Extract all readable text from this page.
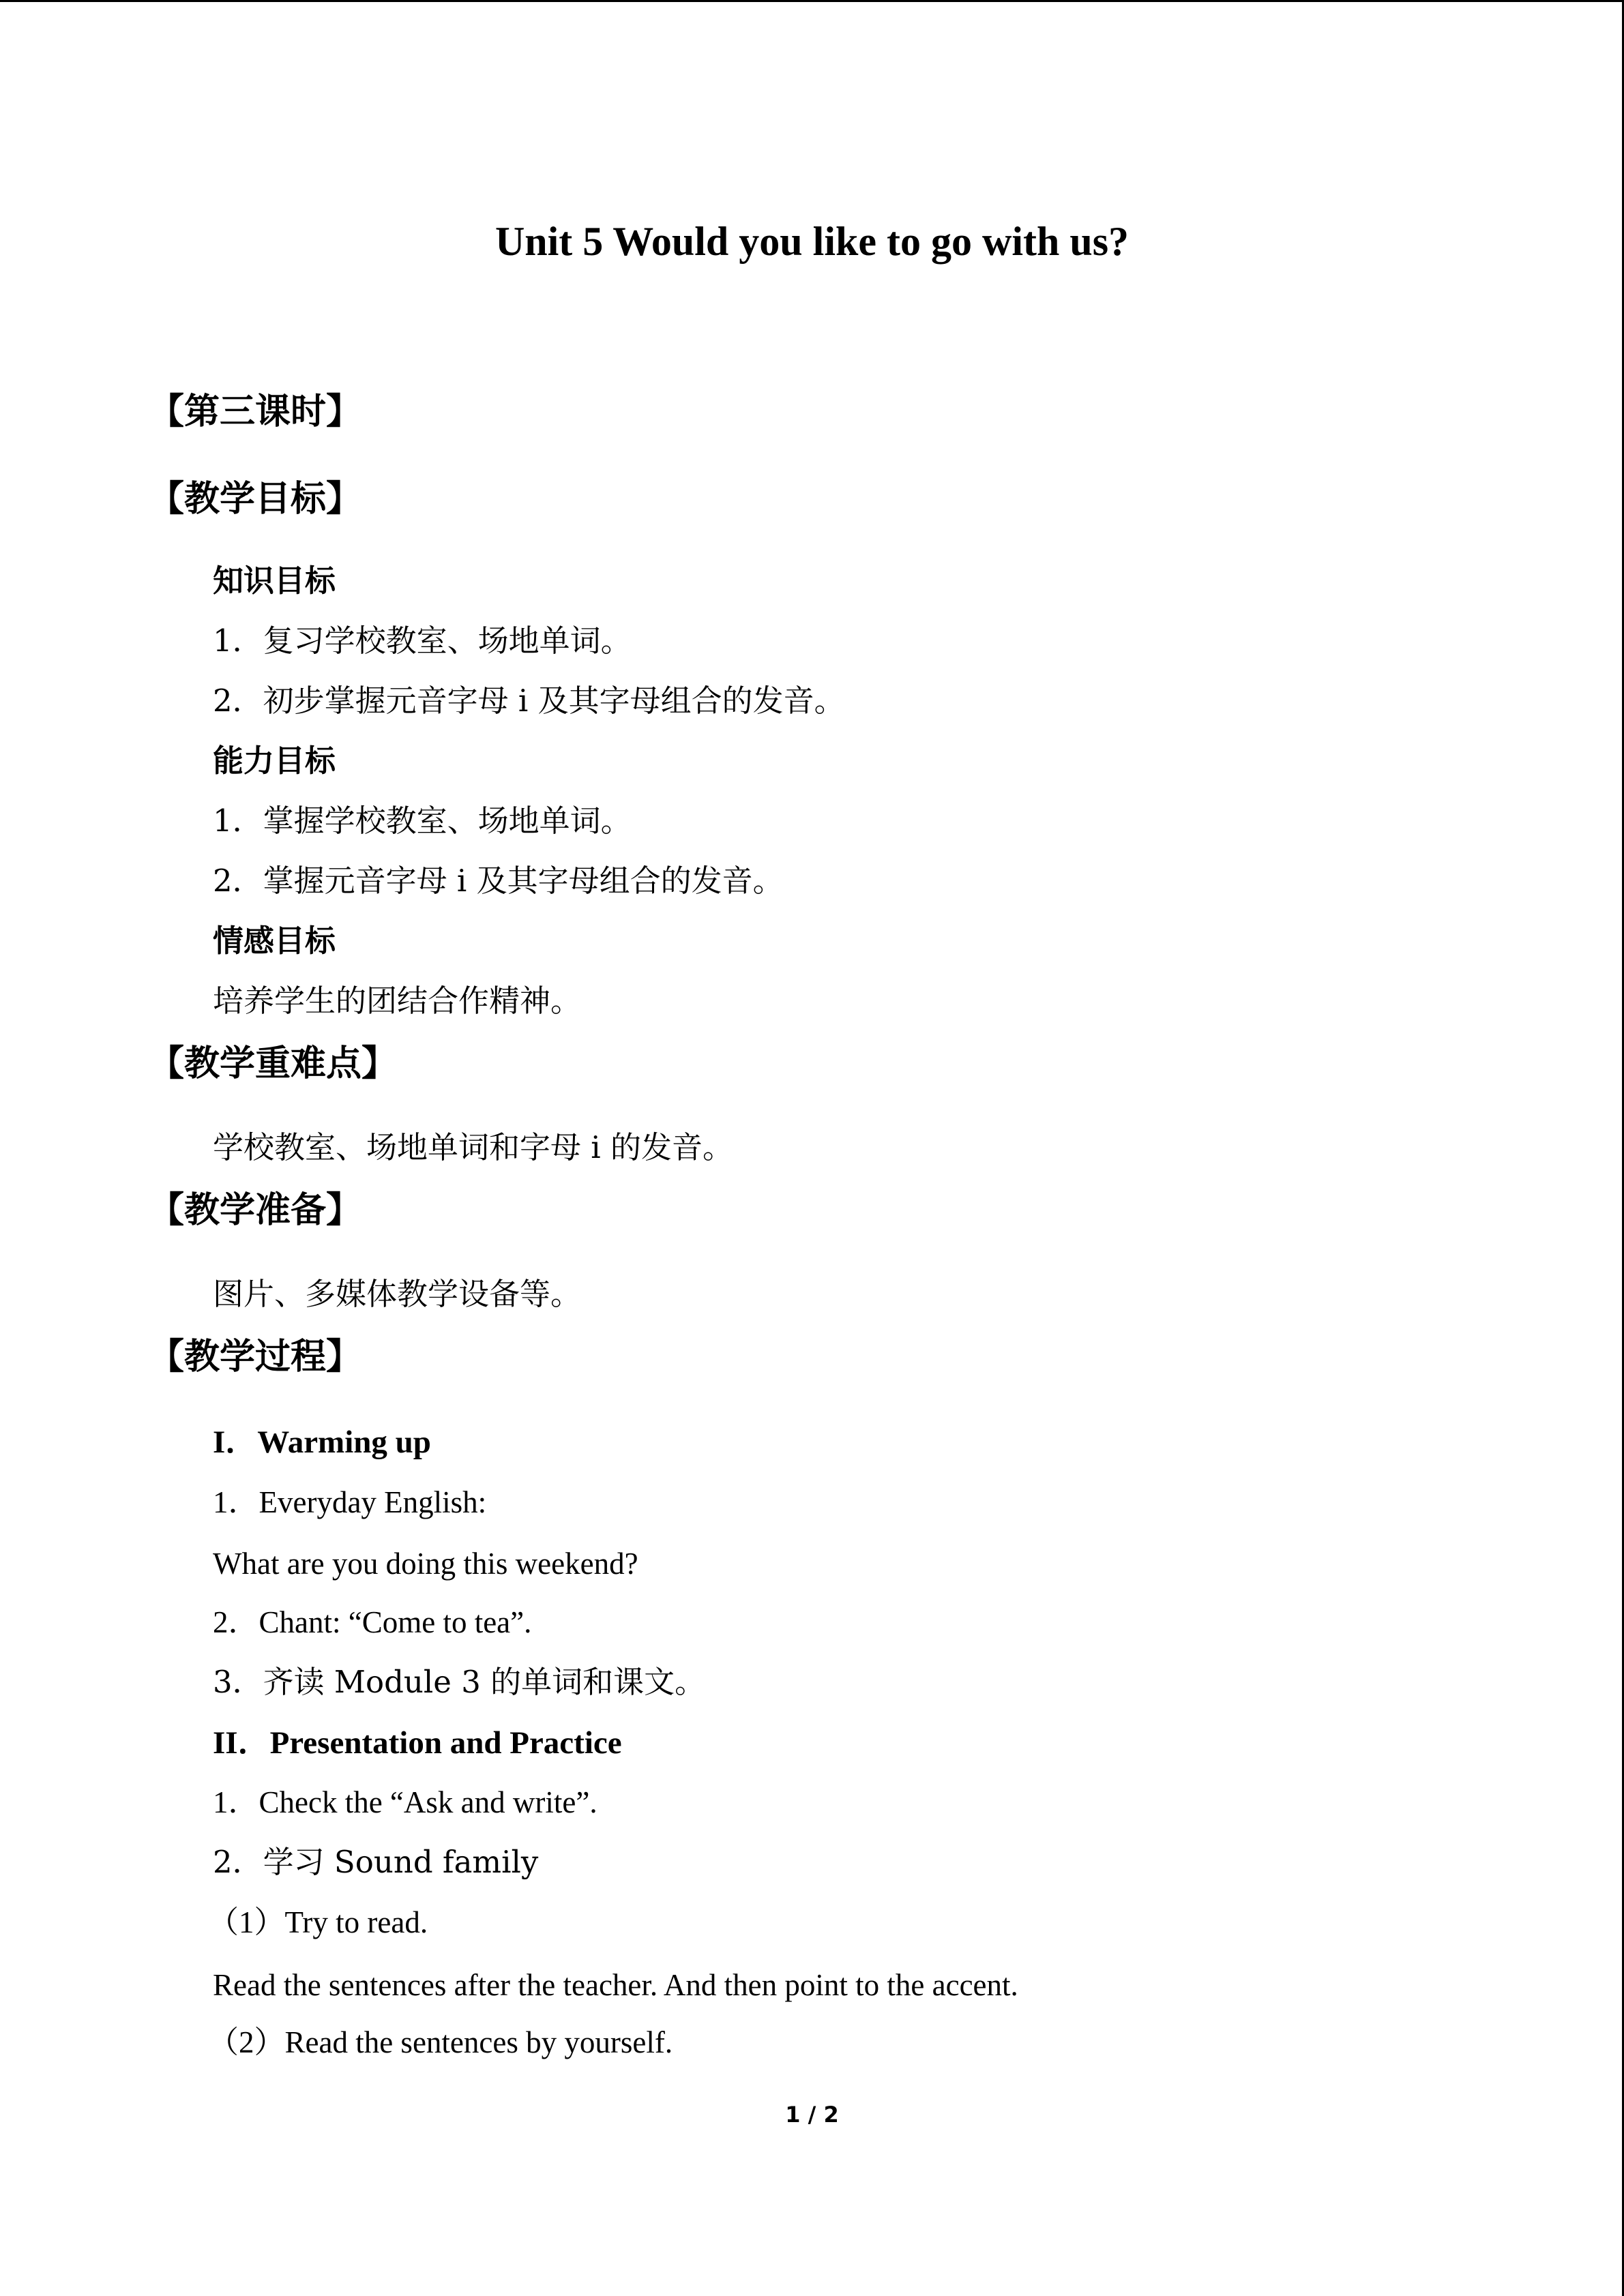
Unit 5 Would you like to go with us?
【第三课时】
【教学目标】
知识目标
1．复习学校教室、场地单词。
2．初步掌握元音字母 i 及其字母组合的发音。
能力目标
1．掌握学校教室、场地单词。
2．掌握元音字母 i 及其字母组合的发音。
情感目标
培养学生的团结合作精神。
【教学重难点】
学校教室、场地单词和字母 i 的发音。
【教学准备】
图片、多媒体教学设备等。
【教学过程】
I．Warming up
1．Everyday English:
What are you doing this weekend?
2．Chant: “Come to tea”.
3．齐读 Module 3 的单词和课文。
II．Presentation and Practice
1．Check the “Ask and write”.
2．学习 Sound family
（1）Try to read.
Read the sentences after the teacher. And then point to the accent.
（2）Read the sentences by yourself.
1 / 2
